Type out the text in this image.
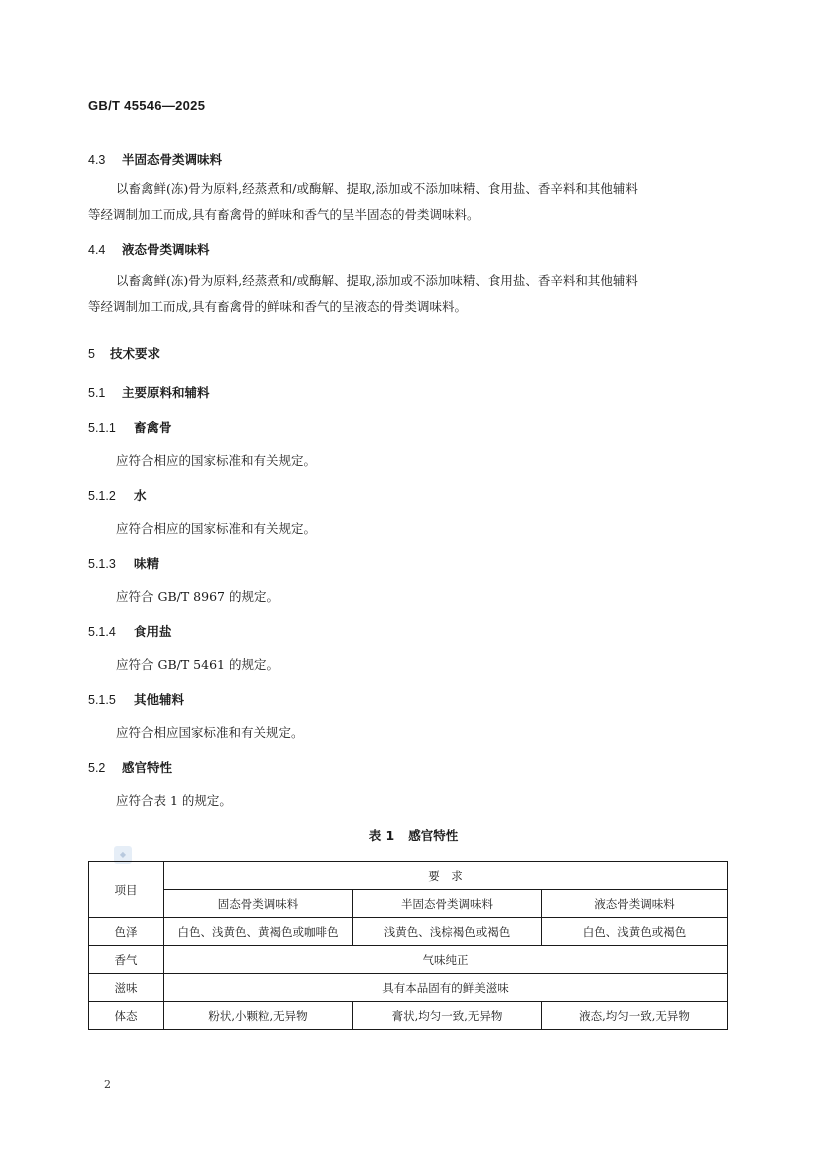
GB/T 45546—2025
4.3	半固态骨类调味料
以畜禽鲜(冻)骨为原料,经蒸煮和/或酶解、提取,添加或不添加味精、食用盐、香辛料和其他辅料
等经调制加工而成,具有畜禽骨的鲜味和香气的呈半固态的骨类调味料。
4.4	液态骨类调味料
以畜禽鲜(冻)骨为原料,经蒸煮和/或酶解、提取,添加或不添加味精、食用盐、香辛料和其他辅料
等经调制加工而成,具有畜禽骨的鲜味和香气的呈液态的骨类调味料。
5	技术要求
5.1	主要原料和辅料
5.1.1	畜禽骨
应符合相应的国家标准和有关规定。
5.1.2	水
应符合相应的国家标准和有关规定。
5.1.3	味精
应符合 GB/T 8967 的规定。
5.1.4	食用盐
应符合 GB/T 5461 的规定。
5.1.5	其他辅料
应符合相应国家标准和有关规定。
5.2	感官特性
应符合表 1 的规定。
表 1 感官特性
◆
项目	要　求		
	固态骨类调味料	半固态骨类调味料	液态骨类调味料
色泽	白色、浅黄色、黄褐色或咖啡色	浅黄色、浅棕褐色或褐色	白色、浅黄色或褐色
香气	气味纯正		
滋味	具有本品固有的鲜美滋味		
体态	粉状,小颗粒,无异物	膏状,均匀一致,无异物	液态,均匀一致,无异物
2
